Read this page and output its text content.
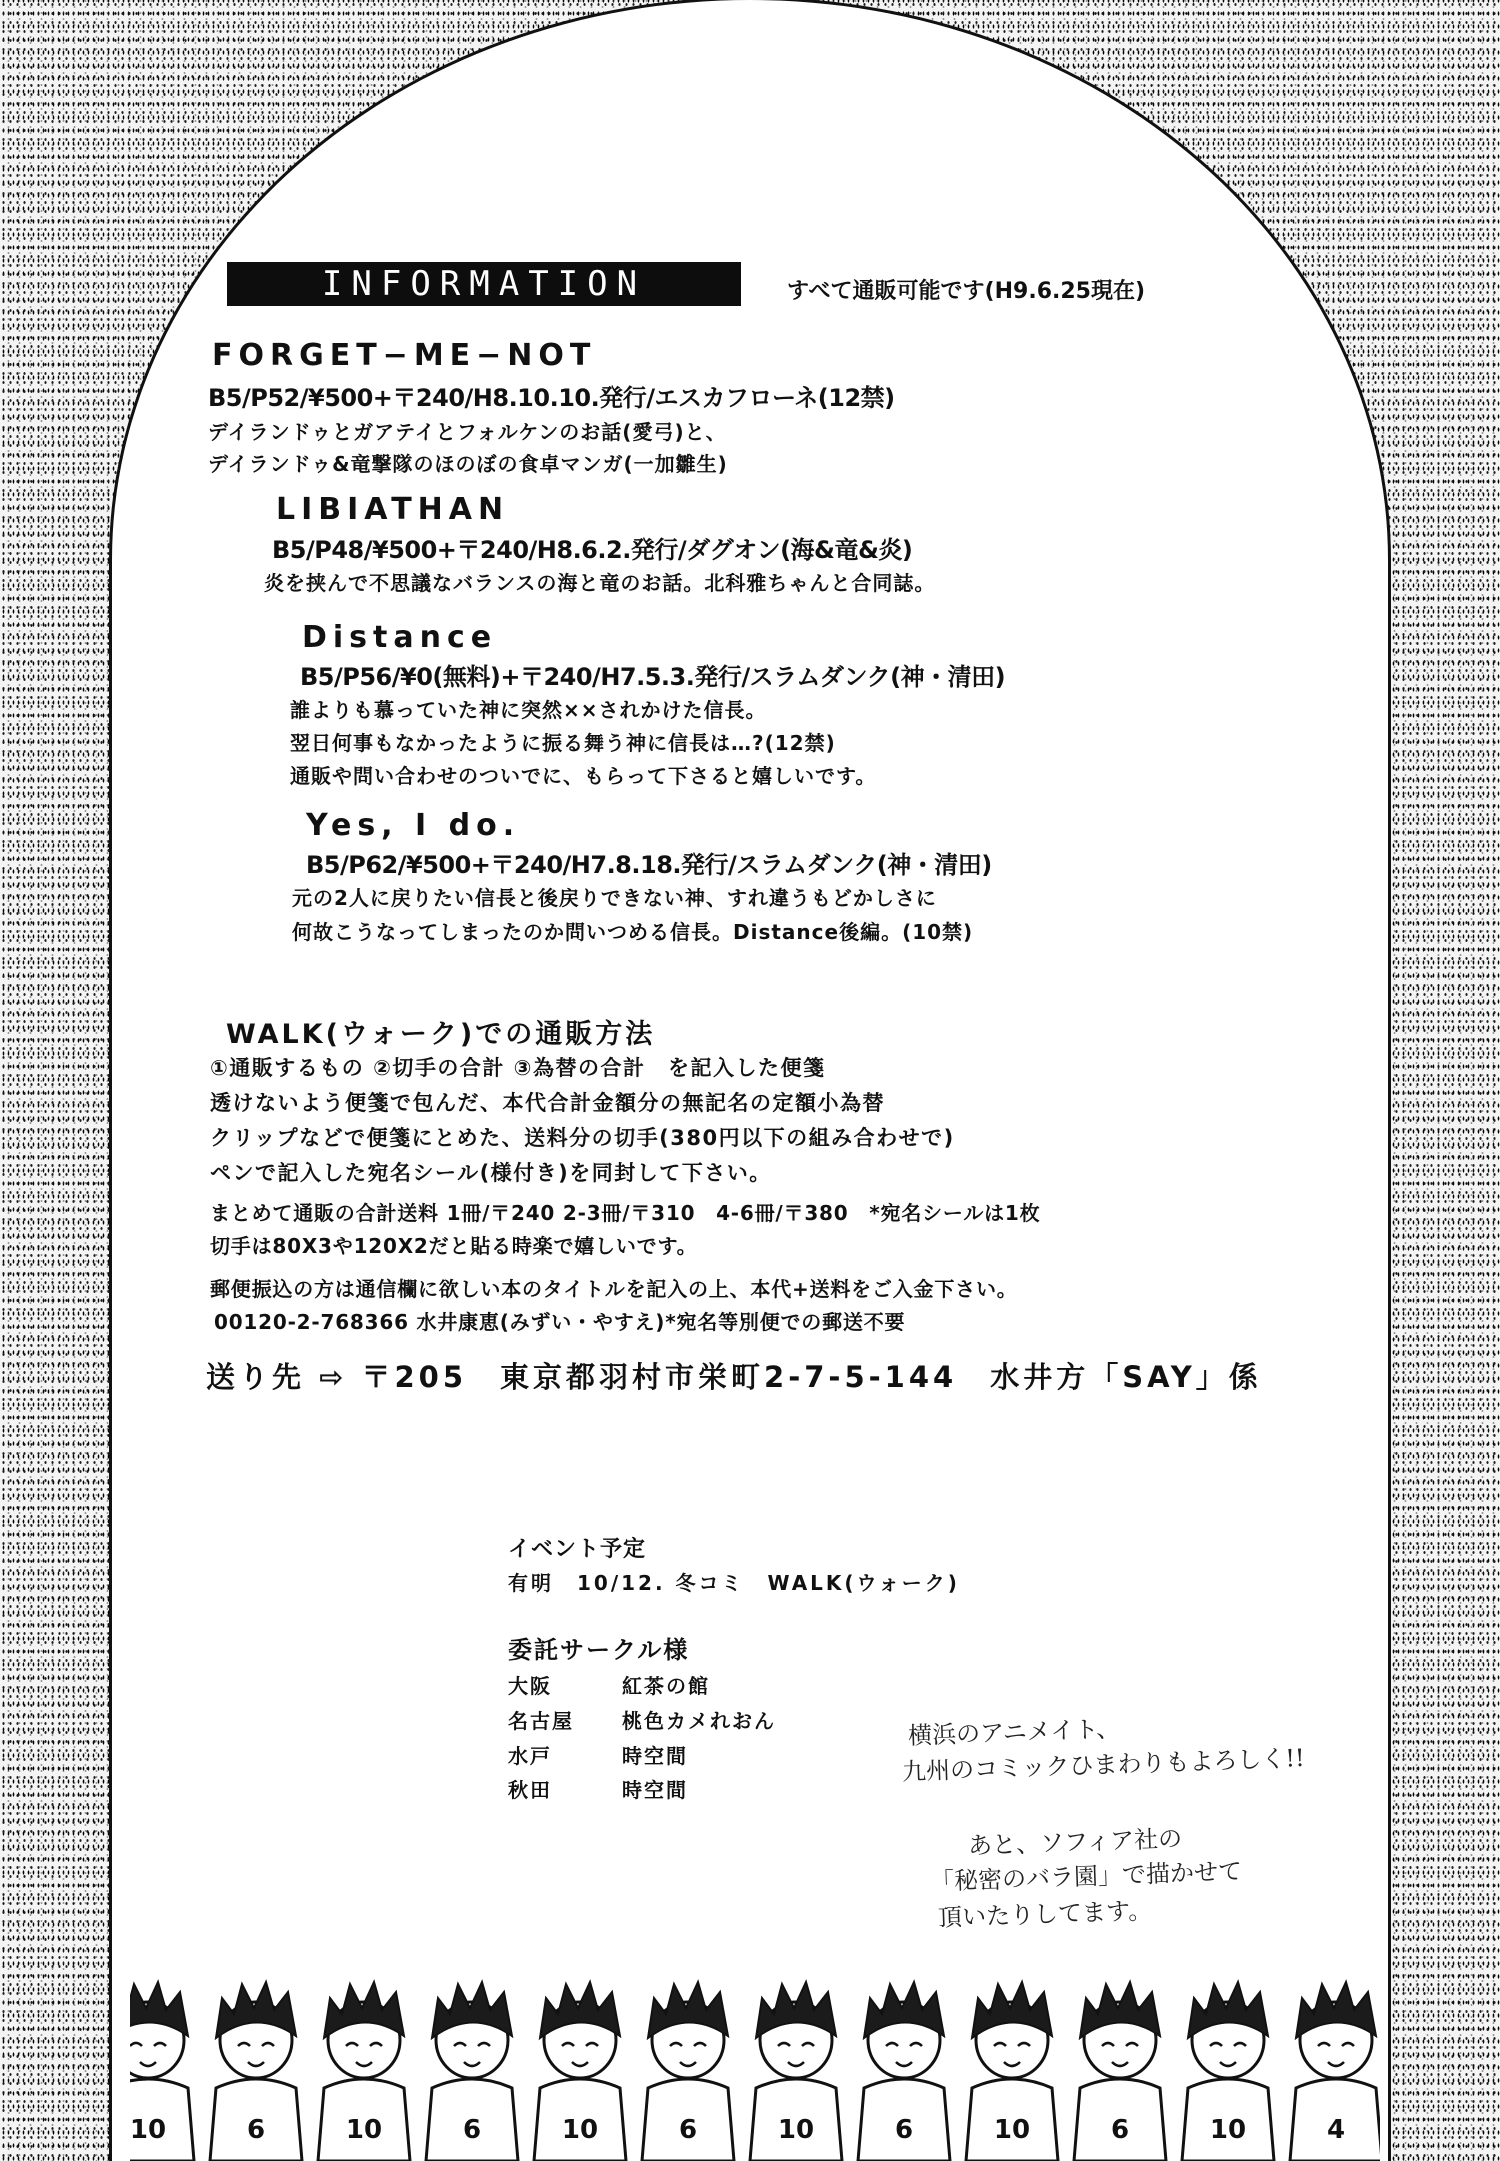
INFORMATION	すべて通販可能です(H9.6.25現在)
FORGET−ME−NOT
B5/P52/¥500+〒240/H8.10.10.発行/エスカフローネ(12禁)
デイランドゥとガアテイとフォルケンのお話(愛弓)と、
デイランドゥ&竜撃隊のほのぼの食卓マンガ(一加雛生)
LIBIATHAN
B5/P48/¥500+〒240/H8.6.2.発行/ダグオン(海&竜&炎)
炎を挟んで不思議なバランスの海と竜のお話。北科雅ちゃんと合同誌。
Distance
B5/P56/¥0(無料)+〒240/H7.5.3.発行/スラムダンク(神・清田)
誰よりも慕っていた神に突然××されかけた信長。
翌日何事もなかったように振る舞う神に信長は…?(12禁)
通販や問い合わせのついでに、もらって下さると嬉しいです。
Yes, I do.
B5/P62/¥500+〒240/H7.8.18.発行/スラムダンク(神・清田)
元の2人に戻りたい信長と後戻りできない神、すれ違うもどかしさに
何故こうなってしまったのか問いつめる信長。Distance後編。(10禁)
WALK(ウォーク)での通販方法
①通販するもの ②切手の合計 ③為替の合計　を記入した便箋
透けないよう便箋で包んだ、本代合計金額分の無記名の定額小為替
クリップなどで便箋にとめた、送料分の切手(380円以下の組み合わせで)
ペンで記入した宛名シール(様付き)を同封して下さい。
まとめて通販の合計送料 1冊/〒240 2-3冊/〒310　4-6冊/〒380　*宛名シールは1枚
切手は80X3や120X2だと貼る時楽で嬉しいです。
郵便振込の方は通信欄に欲しい本のタイトルを記入の上、本代+送料をご入金下さい。
00120-2-768366 水井康恵(みずい・やすえ)*宛名等別便での郵送不要
送り先 ⇨ 〒205　東京都羽村市栄町2-7-5-144　水井方「SAY」係
イベント予定
有明　10/12. 冬コミ　WALK(ウォーク)
委託サークル様
大阪	紅茶の館
名古屋 桃色カメれおん
水戸	時空間
秋田	時空間
横浜のアニメイト、
九州のコミックひまわりもよろしく!!
あと、ソフィア社の
「秘密のバラ園」で描かせて
頂いたりしてます。
10	6	10	6	10	6	10	6	10	6	10	4
